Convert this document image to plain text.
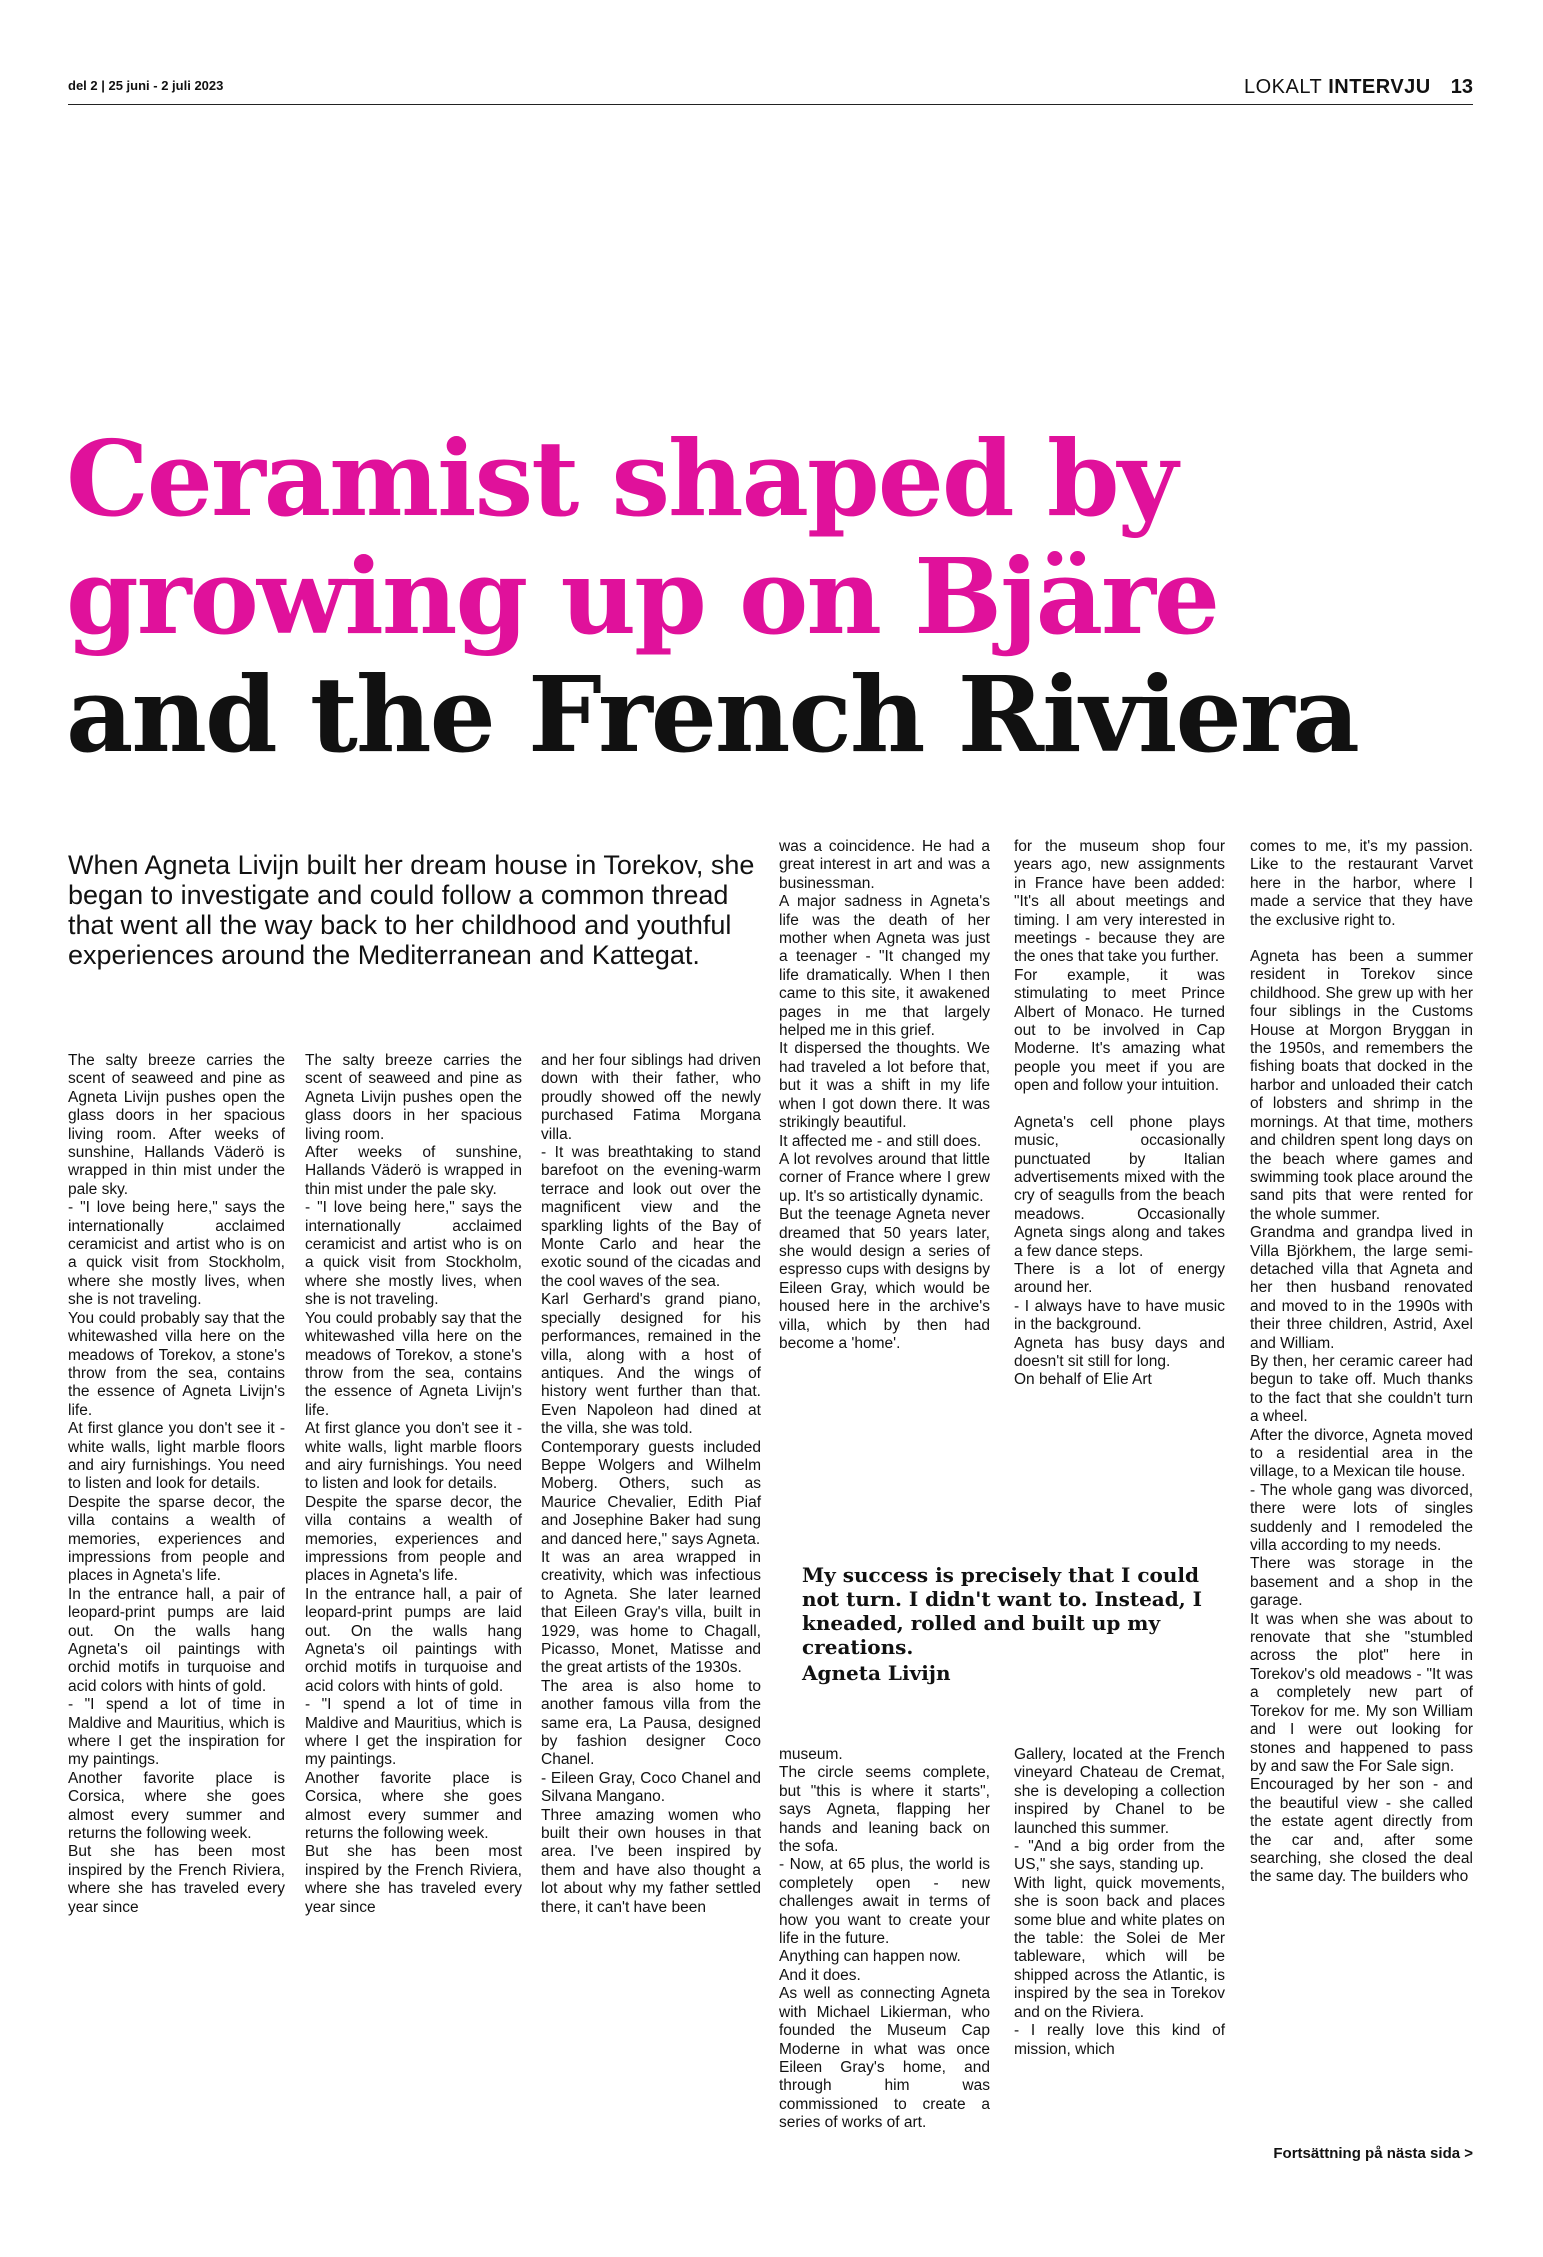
del 2 | 25 juni - 2 juli 2023	LOKALT INTERVJU 13
Ceramist shaped by
growing up on Bjäre
and the French Riviera

When Agneta Livijn built her dream house in Torekov, she began to investigate and could follow a common thread that went all the way back to her childhood and youthful experiences around the Mediterranean and Kattegat.

The salty breeze carries the scent of seaweed and pine as Agneta Livijn pushes open the glass doors in her spacious living room. After weeks of sunshine, Hallands Väderö is wrapped in thin mist under the pale sky.

- "I love being here," says the internationally acclaimed ceramicist and artist who is on a quick visit from Stockholm, where she mostly lives, when she is not traveling.

You could probably say that the whitewashed villa here on the meadows of Torekov, a stone's throw from the sea, contains the essence of Agneta Livijn's life.

At first glance you don't see it - white walls, light marble floors and airy furnishings. You need to listen and look for details.

Despite the sparse decor, the villa contains a wealth of memories, experiences and impressions from people and places in Agneta's life.

In the entrance hall, a pair of leopard-print pumps are laid out. On the walls hang Agneta's oil paintings with orchid motifs in turquoise and acid colors with hints of gold.

- "I spend a lot of time in Maldive and Mauritius, which is where I get the inspiration for my paintings.

Another favorite place is Corsica, where she goes almost every summer and returns the following week.

But she has been most inspired by the French Riviera, where she has traveled every year since

The salty breeze carries the scent of seaweed and pine as Agneta Livijn pushes open the glass doors in her spacious living room.

After weeks of sunshine, Hallands Väderö is wrapped in thin mist under the pale sky.

- "I love being here," says the internationally acclaimed ceramicist and artist who is on a quick visit from Stockholm, where she mostly lives, when she is not traveling.

You could probably say that the whitewashed villa here on the meadows of Torekov, a stone's throw from the sea, contains the essence of Agneta Livijn's life.

At first glance you don't see it - white walls, light marble floors and airy furnishings. You need to listen and look for details.

Despite the sparse decor, the villa contains a wealth of memories, experiences and impressions from people and places in Agneta's life.

In the entrance hall, a pair of leopard-print pumps are laid out. On the walls hang Agneta's oil paintings with orchid motifs in turquoise and acid colors with hints of gold.

- "I spend a lot of time in Maldive and Mauritius, which is where I get the inspiration for my paintings.

Another favorite place is Corsica, where she goes almost every summer and returns the following week.

But she has been most inspired by the French Riviera, where she has traveled every year since

and her four siblings had driven down with their father, who proudly showed off the newly purchased Fatima Morgana villa.

- It was breathtaking to stand barefoot on the evening-warm terrace and look out over the magnificent view and the sparkling lights of the Bay of Monte Carlo and hear the exotic sound of the cicadas and the cool waves of the sea.

Karl Gerhard's grand piano, specially designed for his performances, remained in the villa, along with a host of antiques. And the wings of history went further than that. Even Napoleon had dined at the villa, she was told.

Contemporary guests included Beppe Wolgers and Wilhelm Moberg. Others, such as Maurice Chevalier, Edith Piaf and Josephine Baker had sung and danced here," says Agneta.

It was an area wrapped in creativity, which was infectious to Agneta. She later learned that Eileen Gray's villa, built in 1929, was home to Chagall, Picasso, Monet, Matisse and the great artists of the 1930s.

The area is also home to another famous villa from the same era, La Pausa, designed by fashion designer Coco Chanel.

- Eileen Gray, Coco Chanel and Silvana Mangano.

Three amazing women who built their own houses in that area. I've been inspired by them and have also thought a lot about why my father settled there, it can't have been

was a coincidence. He had a great interest in art and was a businessman.

A major sadness in Agneta's life was the death of her mother when Agneta was just a teenager - "It changed my life dramatically. When I then came to this site, it awakened pages in me that largely helped me in this grief.

It dispersed the thoughts. We had traveled a lot before that, but it was a shift in my life when I got down there. It was strikingly beautiful.

It affected me - and still does.

A lot revolves around that little corner of France where I grew up. It's so artistically dynamic.

But the teenage Agneta never dreamed that 50 years later, she would design a series of espresso cups with designs by Eileen Gray, which would be housed here in the archive's villa, which by then had become a 'home'.

for the museum shop four years ago, new assignments in France have been added: "It's all about meetings and timing. I am very interested in meetings - because they are the ones that take you further.

For example, it was stimulating to meet Prince Albert of Monaco. He turned out to be involved in Cap Moderne. It's amazing what people you meet if you are open and follow your intuition.

Agneta's cell phone plays music, occasionally punctuated by Italian advertisements mixed with the cry of seagulls from the beach meadows. Occasionally Agneta sings along and takes a few dance steps.

There is a lot of energy around her.

- I always have to have music in the background.

Agneta has busy days and doesn't sit still for long.

On behalf of Elie Art

comes to me, it's my passion. Like to the restaurant Varvet here in the harbor, where I made a service that they have the exclusive right to.

Agneta has been a summer resident in Torekov since childhood. She grew up with her four siblings in the Customs House at Morgon Bryggan in the 1950s, and remembers the fishing boats that docked in the harbor and unloaded their catch of lobsters and shrimp in the mornings. At that time, mothers and children spent long days on the beach where games and swimming took place around the sand pits that were rented for the whole summer.

Grandma and grandpa lived in Villa Björkhem, the large semi-detached villa that Agneta and her then husband renovated and moved to in the 1990s with their three children, Astrid, Axel and William.

By then, her ceramic career had begun to take off. Much thanks to the fact that she couldn't turn a wheel.

After the divorce, Agneta moved to a residential area in the village, to a Mexican tile house.

- The whole gang was divorced, there were lots of singles suddenly and I remodeled the villa according to my needs.

There was storage in the basement and a shop in the garage.

It was when she was about to renovate that she "stumbled across the plot" here in Torekov's old meadows - "It was a completely new part of Torekov for me. My son William and I were out looking for stones and happened to pass by and saw the For Sale sign.

Encouraged by her son - and the beautiful view - she called the estate agent directly from the car and, after some searching, she closed the deal the same day. The builders who

My success is precisely that I could not turn. I didn't want to. Instead, I kneaded, rolled and built up my creations.
Agneta Livijn

museum.

The circle seems complete, but "this is where it starts", says Agneta, flapping her hands and leaning back on the sofa.

- Now, at 65 plus, the world is completely open - new challenges await in terms of how you want to create your life in the future.

Anything can happen now.

And it does.

As well as connecting Agneta with Michael Likierman, who founded the Museum Cap Moderne in what was once Eileen Gray's home, and through him was commissioned to create a series of works of art.

Gallery, located at the French vineyard Chateau de Cremat, she is developing a collection inspired by Chanel to be launched this summer.

- "And a big order from the US," she says, standing up.

With light, quick movements, she is soon back and places some blue and white plates on the table: the Solei de Mer tableware, which will be shipped across the Atlantic, is inspired by the sea in Torekov and on the Riviera.

- I really love this kind of mission, which

Fortsättning på nästa sida >
